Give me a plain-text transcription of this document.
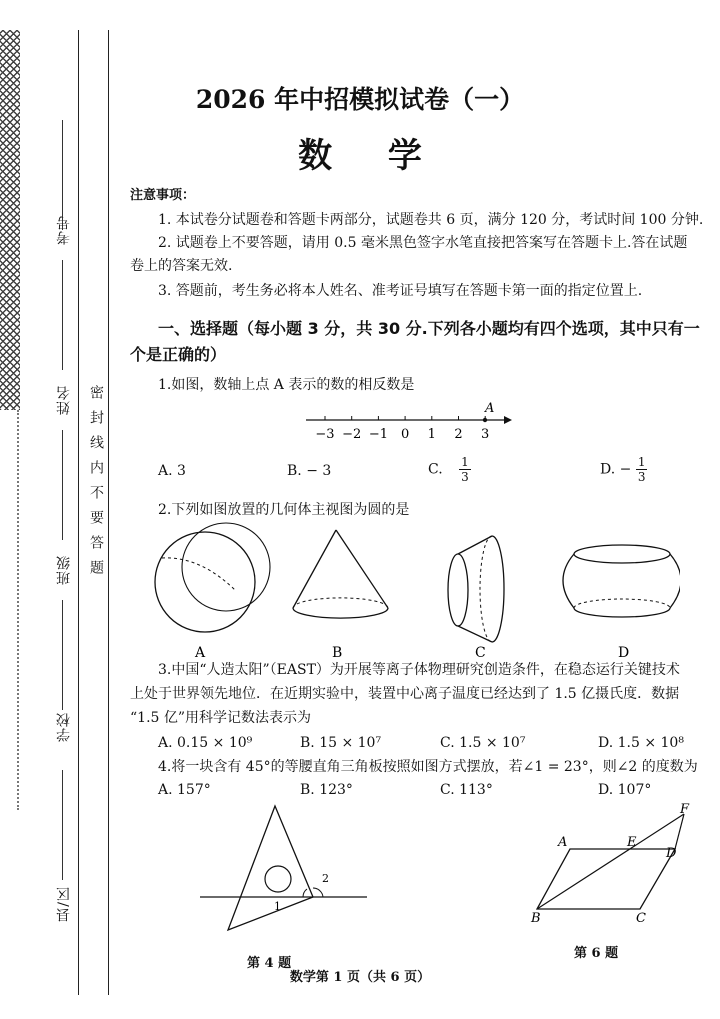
考号
姓名
班级
学校
县/区
密封线内不要答题
2026 年中招模拟试卷（一）
数 学
注意事项：
1. 本试卷分试题卷和答题卡两部分，试题卷共 6 页，满分 120 分，考试时间 100 分钟.
2. 试题卷上不要答题，请用 0.5 毫米黑色签字水笔直接把答案写在答题卡上.答在试题
卷上的答案无效.
3. 答题前，考生务必将本人姓名、准考证号填写在答题卡第一面的指定位置上.
一、选择题（每小题 3 分，共 30 分.下列各小题均有四个选项，其中只有一
个是正确的）
1.如图，数轴上点 A 表示的数的相反数是
−3 −2 −1 0 1 2 3
A
A. 3	B. − 3	C. $\frac{1}{3}$	D. − $\frac{1}{3}$
2.下列如图放置的几何体主视图为圆的是
A	B	C	D
3.中国“人造太阳”（EAST）为开展等离子体物理研究创造条件，在稳态运行关键技术
上处于世界领先地位．在近期实验中，装置中心离子温度已经达到了 1.5 亿摄氏度．数据
“1.5 亿”用科学记数法表示为
A. 0.15 × 10⁹	B. 15 × 10⁷	C. 1.5 × 10⁷	D. 1.5 × 10⁸
4.将一块含有 45°的等腰直角三角板按照如图方式摆放，若∠1 = 23°，则∠2 的度数为
A. 157°	B. 123°	C. 113°	D. 107°
1
2
第 4 题
A	E
D
F
B	C
第 6 题
数学第 1 页（共 6 页）
